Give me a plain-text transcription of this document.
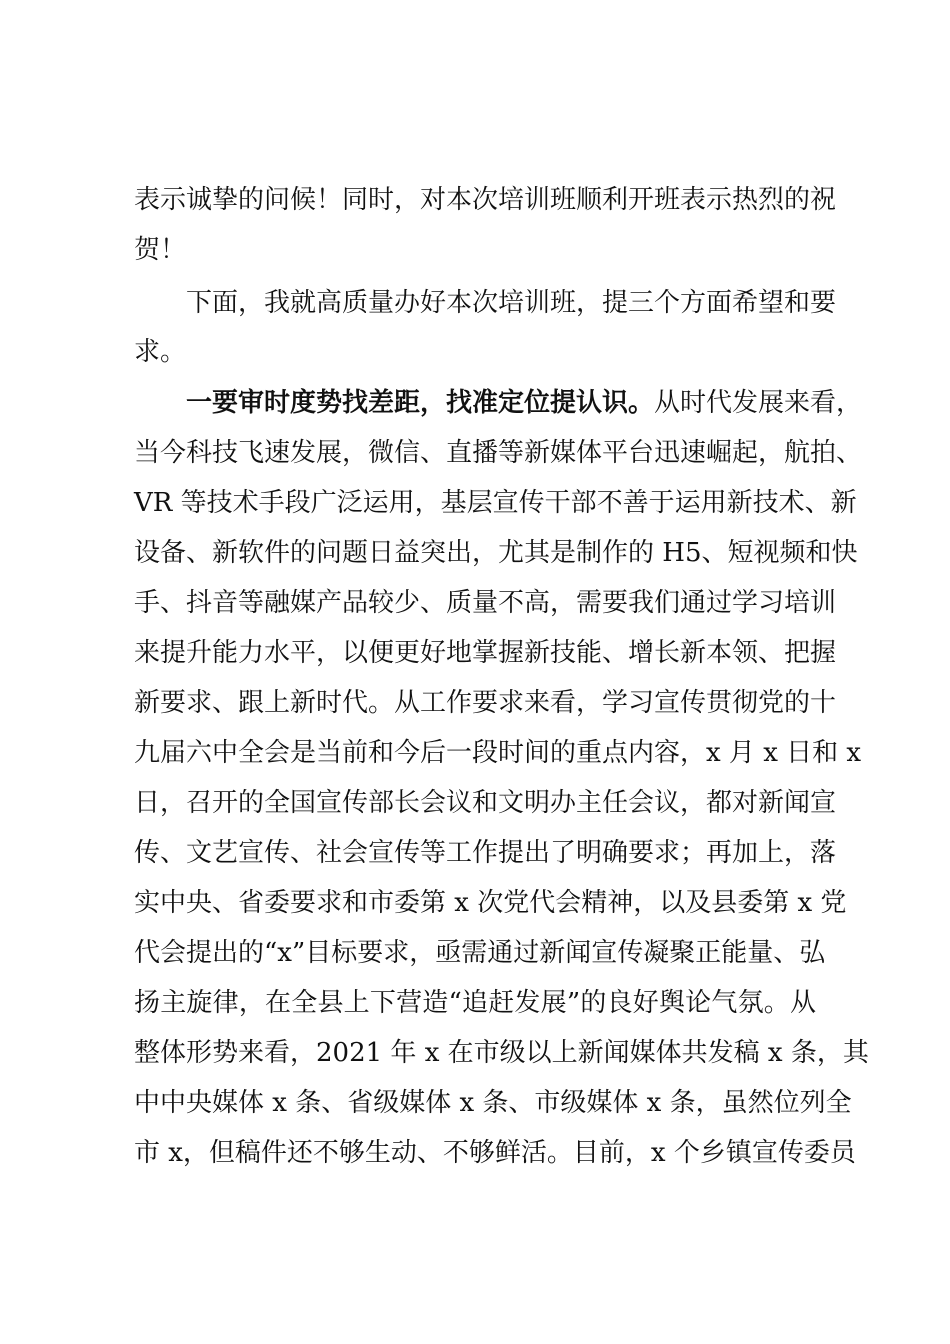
表示诚挚的问候！同时，对本次培训班顺利开班表示热烈的祝

贺！

下面，我就高质量办好本次培训班，提三个方面希望和要

求。

一要审时度势找差距，找准定位提认识。从时代发展来看，

当今科技飞速发展，微信、直播等新媒体平台迅速崛起，航拍、

VR 等技术手段广泛运用，基层宣传干部不善于运用新技术、新

设备、新软件的问题日益突出，尤其是制作的 H5、短视频和快

手、抖音等融媒产品较少、质量不高，需要我们通过学习培训

来提升能力水平，以便更好地掌握新技能、增长新本领、把握

新要求、跟上新时代。从工作要求来看，学习宣传贯彻党的十

九届六中全会是当前和今后一段时间的重点内容，x 月 x 日和 x

日，召开的全国宣传部长会议和文明办主任会议，都对新闻宣

传、文艺宣传、社会宣传等工作提出了明确要求；再加上，落

实中央、省委要求和市委第 x 次党代会精神，以及县委第 x 党

代会提出的“x”目标要求，亟需通过新闻宣传凝聚正能量、弘

扬主旋律，在全县上下营造“追赶发展”的良好舆论气氛。从

整体形势来看，2021 年 x 在市级以上新闻媒体共发稿 x 条，其

中中央媒体 x 条、省级媒体 x 条、市级媒体 x 条，虽然位列全

市 x，但稿件还不够生动、不够鲜活。目前，x 个乡镇宣传委员
